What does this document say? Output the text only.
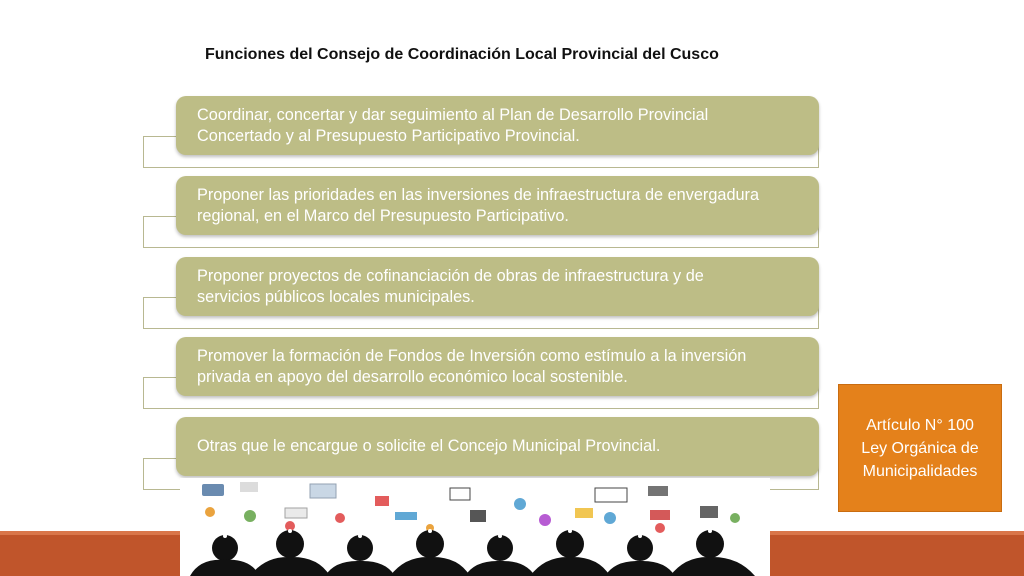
Funciones del Consejo de Coordinación Local Provincial del Cusco
Coordinar, concertar y dar seguimiento al Plan de Desarrollo Provincial
Concertado y al Presupuesto Participativo Provincial.
Proponer las prioridades en las inversiones de infraestructura de envergadura
regional, en el Marco del Presupuesto Participativo.
Proponer proyectos de cofinanciación de obras de infraestructura y de
servicios públicos locales municipales.
Promover la formación de Fondos de Inversión como estímulo a la inversión
privada en apoyo del desarrollo económico local sostenible.
Otras que le encargue o solicite el Concejo Municipal Provincial.
Artículo N° 100
Ley Orgánica de
Municipalidades
